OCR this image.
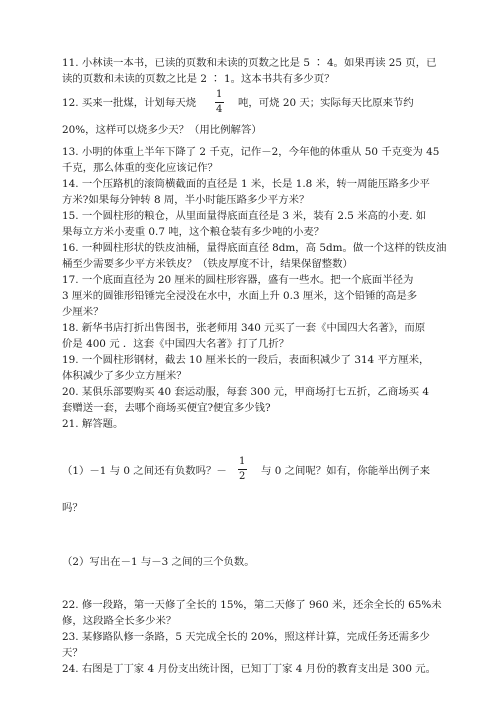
11. 小林读一本书，已读的页数和未读的页数之比是 5 ∶ 4。如果再读 25 页，已
读的页数和未读的页数之比是 2 ∶ 1。这本书共有多少页？
12. 买来一批煤，计划每天烧
1
4
吨，可烧 20 天；实际每天比原来节约
20%，这样可以烧多少天？（用比例解答）
13. 小明的体重上半年下降了 2 千克，记作－2，今年他的体重从 50 千克变为 45
千克，那么体重的变化应该记作？
14. 一个压路机的滚筒横截面的直径是 1 米，长是 1.8 米，转一周能压路多少平
方米?如果每分钟转 8 周，半小时能压路多少平方米？
15. 一个圆柱形的粮仓，从里面量得底面直径是 3 米，装有 2.5 米高的小麦. 如
果每立方米小麦重 0.7 吨，这个粮仓装有多少吨的小麦？
16. 一种圆柱形状的铁皮油桶，量得底面直径 8dm，高 5dm。做一个这样的铁皮油
桶至少需要多少平方米铁皮？（铁皮厚度不计，结果保留整数）
17. 一个底面直径为 20 厘米的圆柱形容器，盛有一些水。把一个底面半径为
3 厘米的圆锥形铅锤完全浸没在水中，水面上升 0.3 厘米，这个铅锤的高是多
少厘米？
18. 新华书店打折出售图书，张老师用 340 元买了一套《中国四大名著》，而原
价是 400 元 ．这套《中国四大名著》打了几折？
19. 一个圆柱形钢材，截去 10 厘米长的一段后，表面积减少了 314 平方厘米，
体积减少了多少立方厘米？
20. 某俱乐部要购买 40 套运动服，每套 300 元，甲商场打七五折，乙商场买 4
套赠送一套，去哪个商场买便宜?便宜多少钱?
21. 解答题。
（1）－1 与 0 之间还有负数吗？－
1
2 与 0 之间呢？如有，你能举出例子来
吗？
（2）写出在－1 与－3 之间的三个负数。
22. 修一段路，第一天修了全长的 15%，第二天修了 960 米，还余全长的 65%未
修，这段路全长多少米？
23. 某修路队修一条路，5 天完成全长的 20%，照这样计算，完成任务还需多少
天？
24. 右图是丁丁家 4 月份支出统计图，已知丁丁家 4 月份的教育支出是 300 元。
